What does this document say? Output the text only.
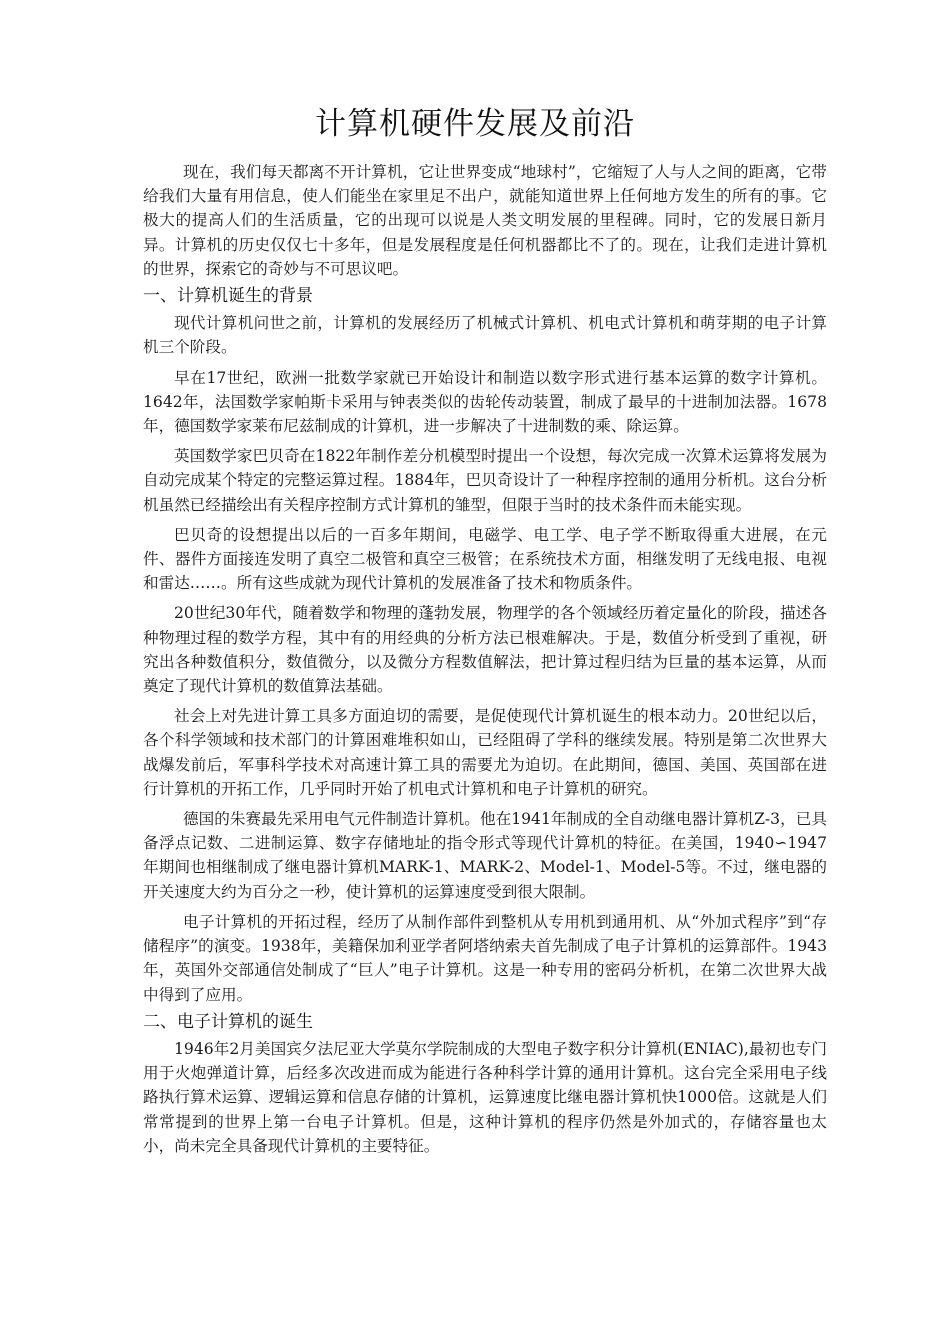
计算机硬件发展及前沿

现在，我们每天都离不开计算机，它让世界变成“地球村”，它缩短了人与人之间的距离，它带给我们大量有用信息，使人们能坐在家里足不出户，就能知道世界上任何地方发生的所有的事。它极大的提高人们的生活质量，它的出现可以说是人类文明发展的里程碑。同时，它的发展日新月异。计算机的历史仅仅七十多年，但是发展程度是任何机器都比不了的。现在，让我们走进计算机的世界，探索它的奇妙与不可思议吧。

一、计算机诞生的背景

现代计算机问世之前，计算机的发展经历了机械式计算机、机电式计算机和萌芽期的电子计算机三个阶段。

早在17世纪，欧洲一批数学家就已开始设计和制造以数字形式进行基本运算的数字计算机。1642年，法国数学家帕斯卡采用与钟表类似的齿轮传动装置，制成了最早的十进制加法器。1678年，德国数学家莱布尼兹制成的计算机，进一步解决了十进制数的乘、除运算。

英国数学家巴贝奇在1822年制作差分机模型时提出一个设想，每次完成一次算术运算将发展为自动完成某个特定的完整运算过程。1884年，巴贝奇设计了一种程序控制的通用分析机。这台分析机虽然已经描绘出有关程序控制方式计算机的雏型，但限于当时的技术条件而未能实现。

巴贝奇的设想提出以后的一百多年期间，电磁学、电工学、电子学不断取得重大进展，在元件、器件方面接连发明了真空二极管和真空三极管；在系统技术方面，相继发明了无线电报、电视和雷达……。所有这些成就为现代计算机的发展准备了技术和物质条件。

20世纪30年代，随着数学和物理的蓬勃发展，物理学的各个领域经历着定量化的阶段，描述各种物理过程的数学方程，其中有的用经典的分析方法已根难解决。于是，数值分析受到了重视，研究出各种数值积分，数值微分，以及微分方程数值解法，把计算过程归结为巨量的基本运算，从而奠定了现代计算机的数值算法基础。

社会上对先进计算工具多方面迫切的需要，是促使现代计算机诞生的根本动力。20世纪以后，各个科学领域和技术部门的计算困难堆积如山，已经阻碍了学科的继续发展。特别是第二次世界大战爆发前后，军事科学技术对高速计算工具的需要尤为迫切。在此期间，德国、美国、英国部在进行计算机的开拓工作，几乎同时开始了机电式计算机和电子计算机的研究。

德国的朱赛最先采用电气元件制造计算机。他在1941年制成的全自动继电器计算机Z-3，已具备浮点记数、二进制运算、数字存储地址的指令形式等现代计算机的特征。在美国，1940∽1947年期间也相继制成了继电器计算机MARK-1、MARK-2、Model-1、Model-5等。不过，继电器的开关速度大约为百分之一秒，使计算机的运算速度受到很大限制。

电子计算机的开拓过程，经历了从制作部件到整机从专用机到通用机、从“外加式程序”到“存储程序”的演变。1938年，美籍保加利亚学者阿塔纳索夫首先制成了电子计算机的运算部件。1943年，英国外交部通信处制成了“巨人”电子计算机。这是一种专用的密码分析机，在第二次世界大战中得到了应用。

二、电子计算机的诞生

1946年2月美国宾夕法尼亚大学莫尔学院制成的大型电子数字积分计算机(ENIAC),最初也专门用于火炮弹道计算，后经多次改进而成为能进行各种科学计算的通用计算机。这台完全采用电子线路执行算术运算、逻辑运算和信息存储的计算机，运算速度比继电器计算机快1000倍。这就是人们常常提到的世界上第一台电子计算机。但是，这种计算机的程序仍然是外加式的，存储容量也太小，尚未完全具备现代计算机的主要特征。
